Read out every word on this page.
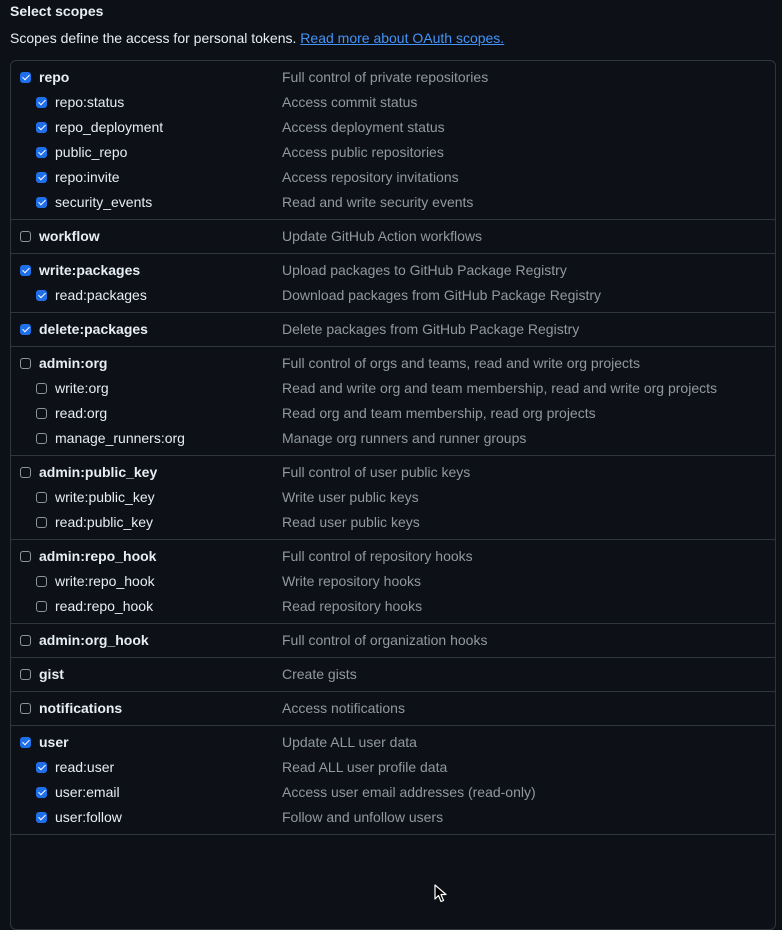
Select scopes
Scopes define the access for personal tokens. Read more about OAuth scopes.
repo	Full control of private repositories
repo:status	Access commit status
repo_deployment	Access deployment status
public_repo	Access public repositories
repo:invite	Access repository invitations
security_events	Read and write security events
workflow	Update GitHub Action workflows
write:packages	Upload packages to GitHub Package Registry
read:packages	Download packages from GitHub Package Registry
delete:packages	Delete packages from GitHub Package Registry
admin:org	Full control of orgs and teams, read and write org projects
write:org	Read and write org and team membership, read and write org projects
read:org	Read org and team membership, read org projects
manage_runners:org	Manage org runners and runner groups
admin:public_key	Full control of user public keys
write:public_key	Write user public keys
read:public_key	Read user public keys
admin:repo_hook	Full control of repository hooks
write:repo_hook	Write repository hooks
read:repo_hook	Read repository hooks
admin:org_hook	Full control of organization hooks
gist	Create gists
notifications	Access notifications
user	Update ALL user data
read:user	Read ALL user profile data
user:email	Access user email addresses (read-only)
user:follow	Follow and unfollow users
